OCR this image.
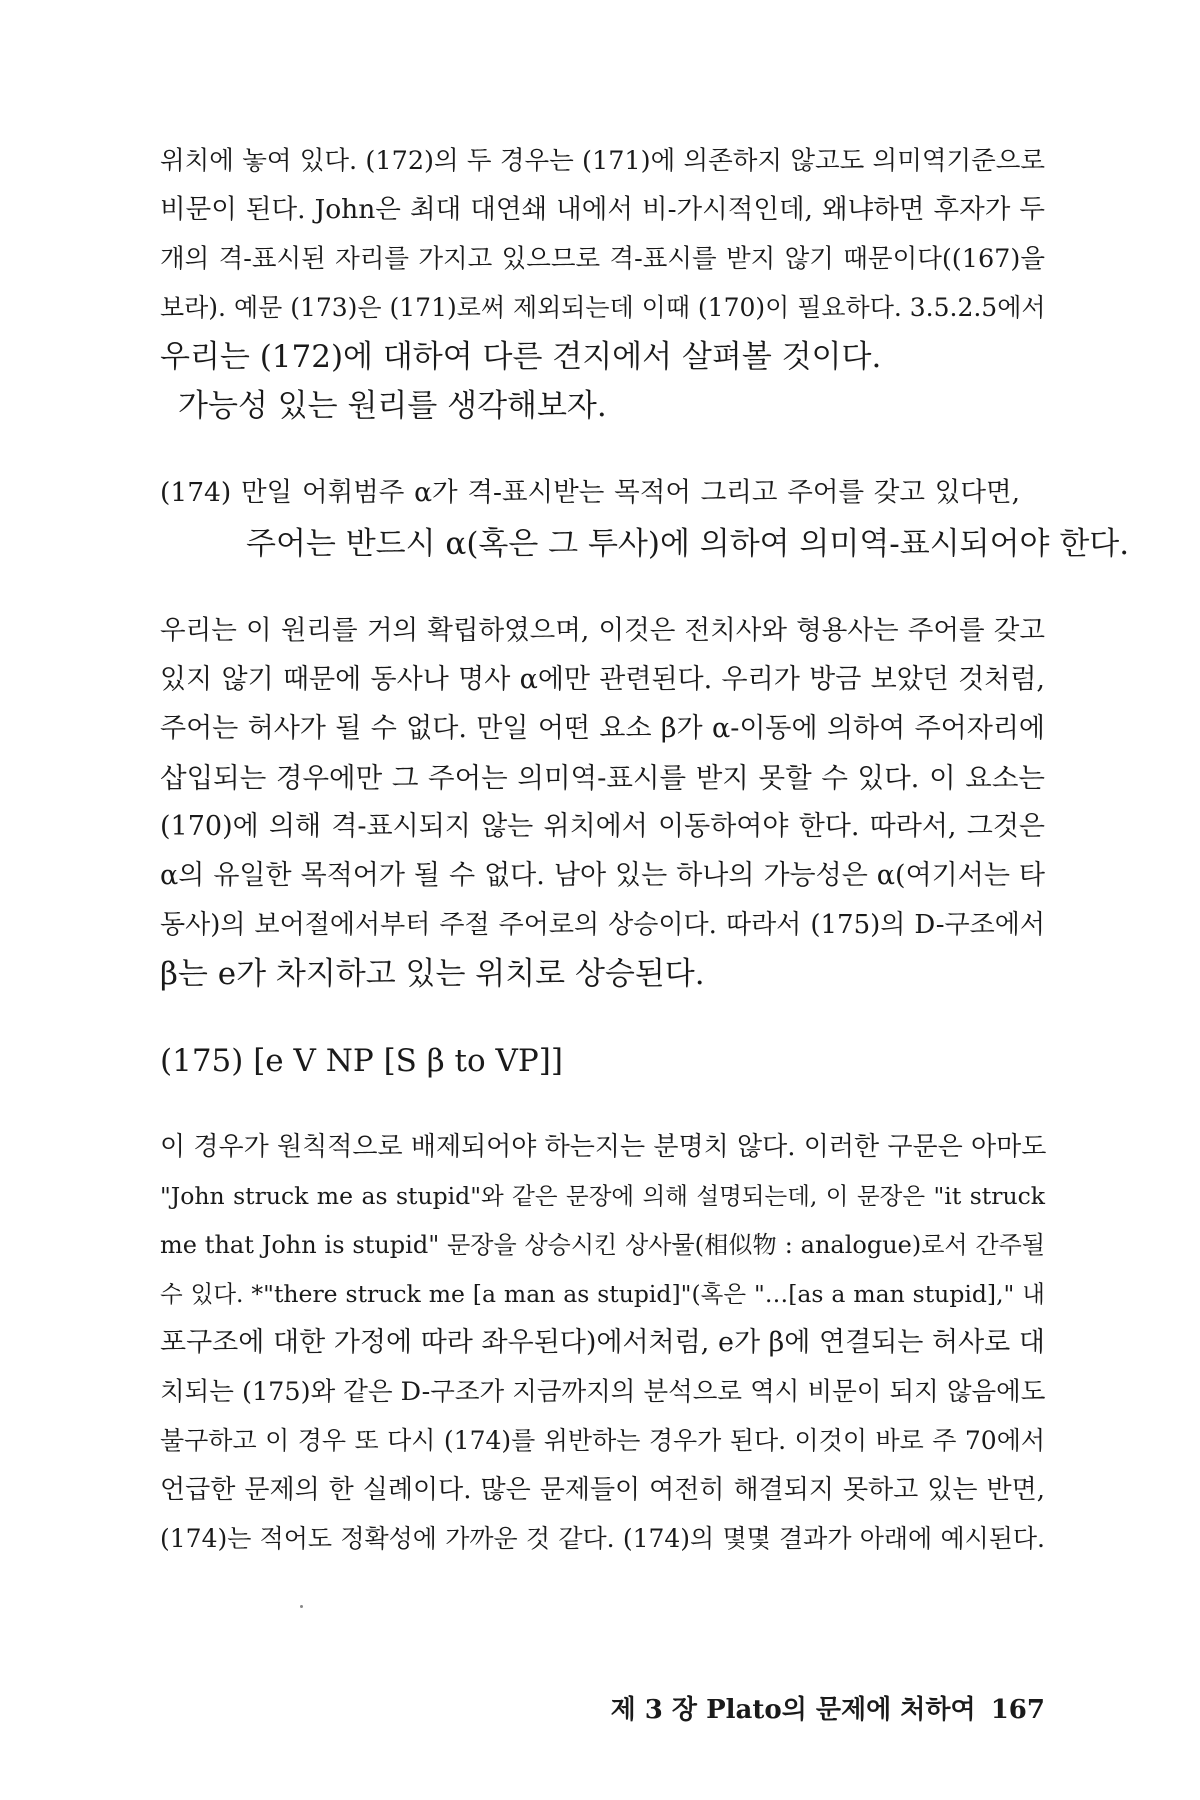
위치에 놓여 있다. (172)의 두 경우는 (171)에 의존하지 않고도 의미역기준으로
비문이 된다. John은 최대 대연쇄 내에서 비-가시적인데, 왜냐하면 후자가 두
개의 격-표시된 자리를 가지고 있으므로 격-표시를 받지 않기 때문이다((167)을
보라). 예문 (173)은 (171)로써 제외되는데 이때 (170)이 필요하다. 3.5.2.5에서
우리는 (172)에 대하여 다른 견지에서 살펴볼 것이다.
가능성 있는 원리를 생각해보자.
(174) 만일 어휘범주 α가 격-표시받는 목적어 그리고 주어를 갖고 있다면,
주어는 반드시 α(혹은 그 투사)에 의하여 의미역-표시되어야 한다.
우리는 이 원리를 거의 확립하였으며, 이것은 전치사와 형용사는 주어를 갖고
있지 않기 때문에 동사나 명사 α에만 관련된다. 우리가 방금 보았던 것처럼,
주어는 허사가 될 수 없다. 만일 어떤 요소 β가 α-이동에 의하여 주어자리에
삽입되는 경우에만 그 주어는 의미역-표시를 받지 못할 수 있다. 이 요소는
(170)에 의해 격-표시되지 않는 위치에서 이동하여야 한다. 따라서, 그것은
α의 유일한 목적어가 될 수 없다. 남아 있는 하나의 가능성은 α(여기서는 타
동사)의 보어절에서부터 주절 주어로의 상승이다. 따라서 (175)의 D-구조에서
β는 e가 차지하고 있는 위치로 상승된다.
(175) [e V NP [S β to VP]]
이 경우가 원칙적으로 배제되어야 하는지는 분명치 않다. 이러한 구문은 아마도
"John struck me as stupid"와 같은 문장에 의해 설명되는데, 이 문장은 "it struck
me that John is stupid" 문장을 상승시킨 상사물(相似物 : analogue)로서 간주될
수 있다. *"there struck me [a man as stupid]"(혹은 "…[as a man stupid]," 내
포구조에 대한 가정에 따라 좌우된다)에서처럼, e가 β에 연결되는 허사로 대
치되는 (175)와 같은 D-구조가 지금까지의 분석으로 역시 비문이 되지 않음에도
불구하고 이 경우 또 다시 (174)를 위반하는 경우가 된다. 이것이 바로 주 70에서
언급한 문제의 한 실례이다. 많은 문제들이 여전히 해결되지 못하고 있는 반면,
(174)는 적어도 정확성에 가까운 것 같다. (174)의 몇몇 결과가 아래에 예시된다.
제 3 장 Plato의 문제에 처하여 167
